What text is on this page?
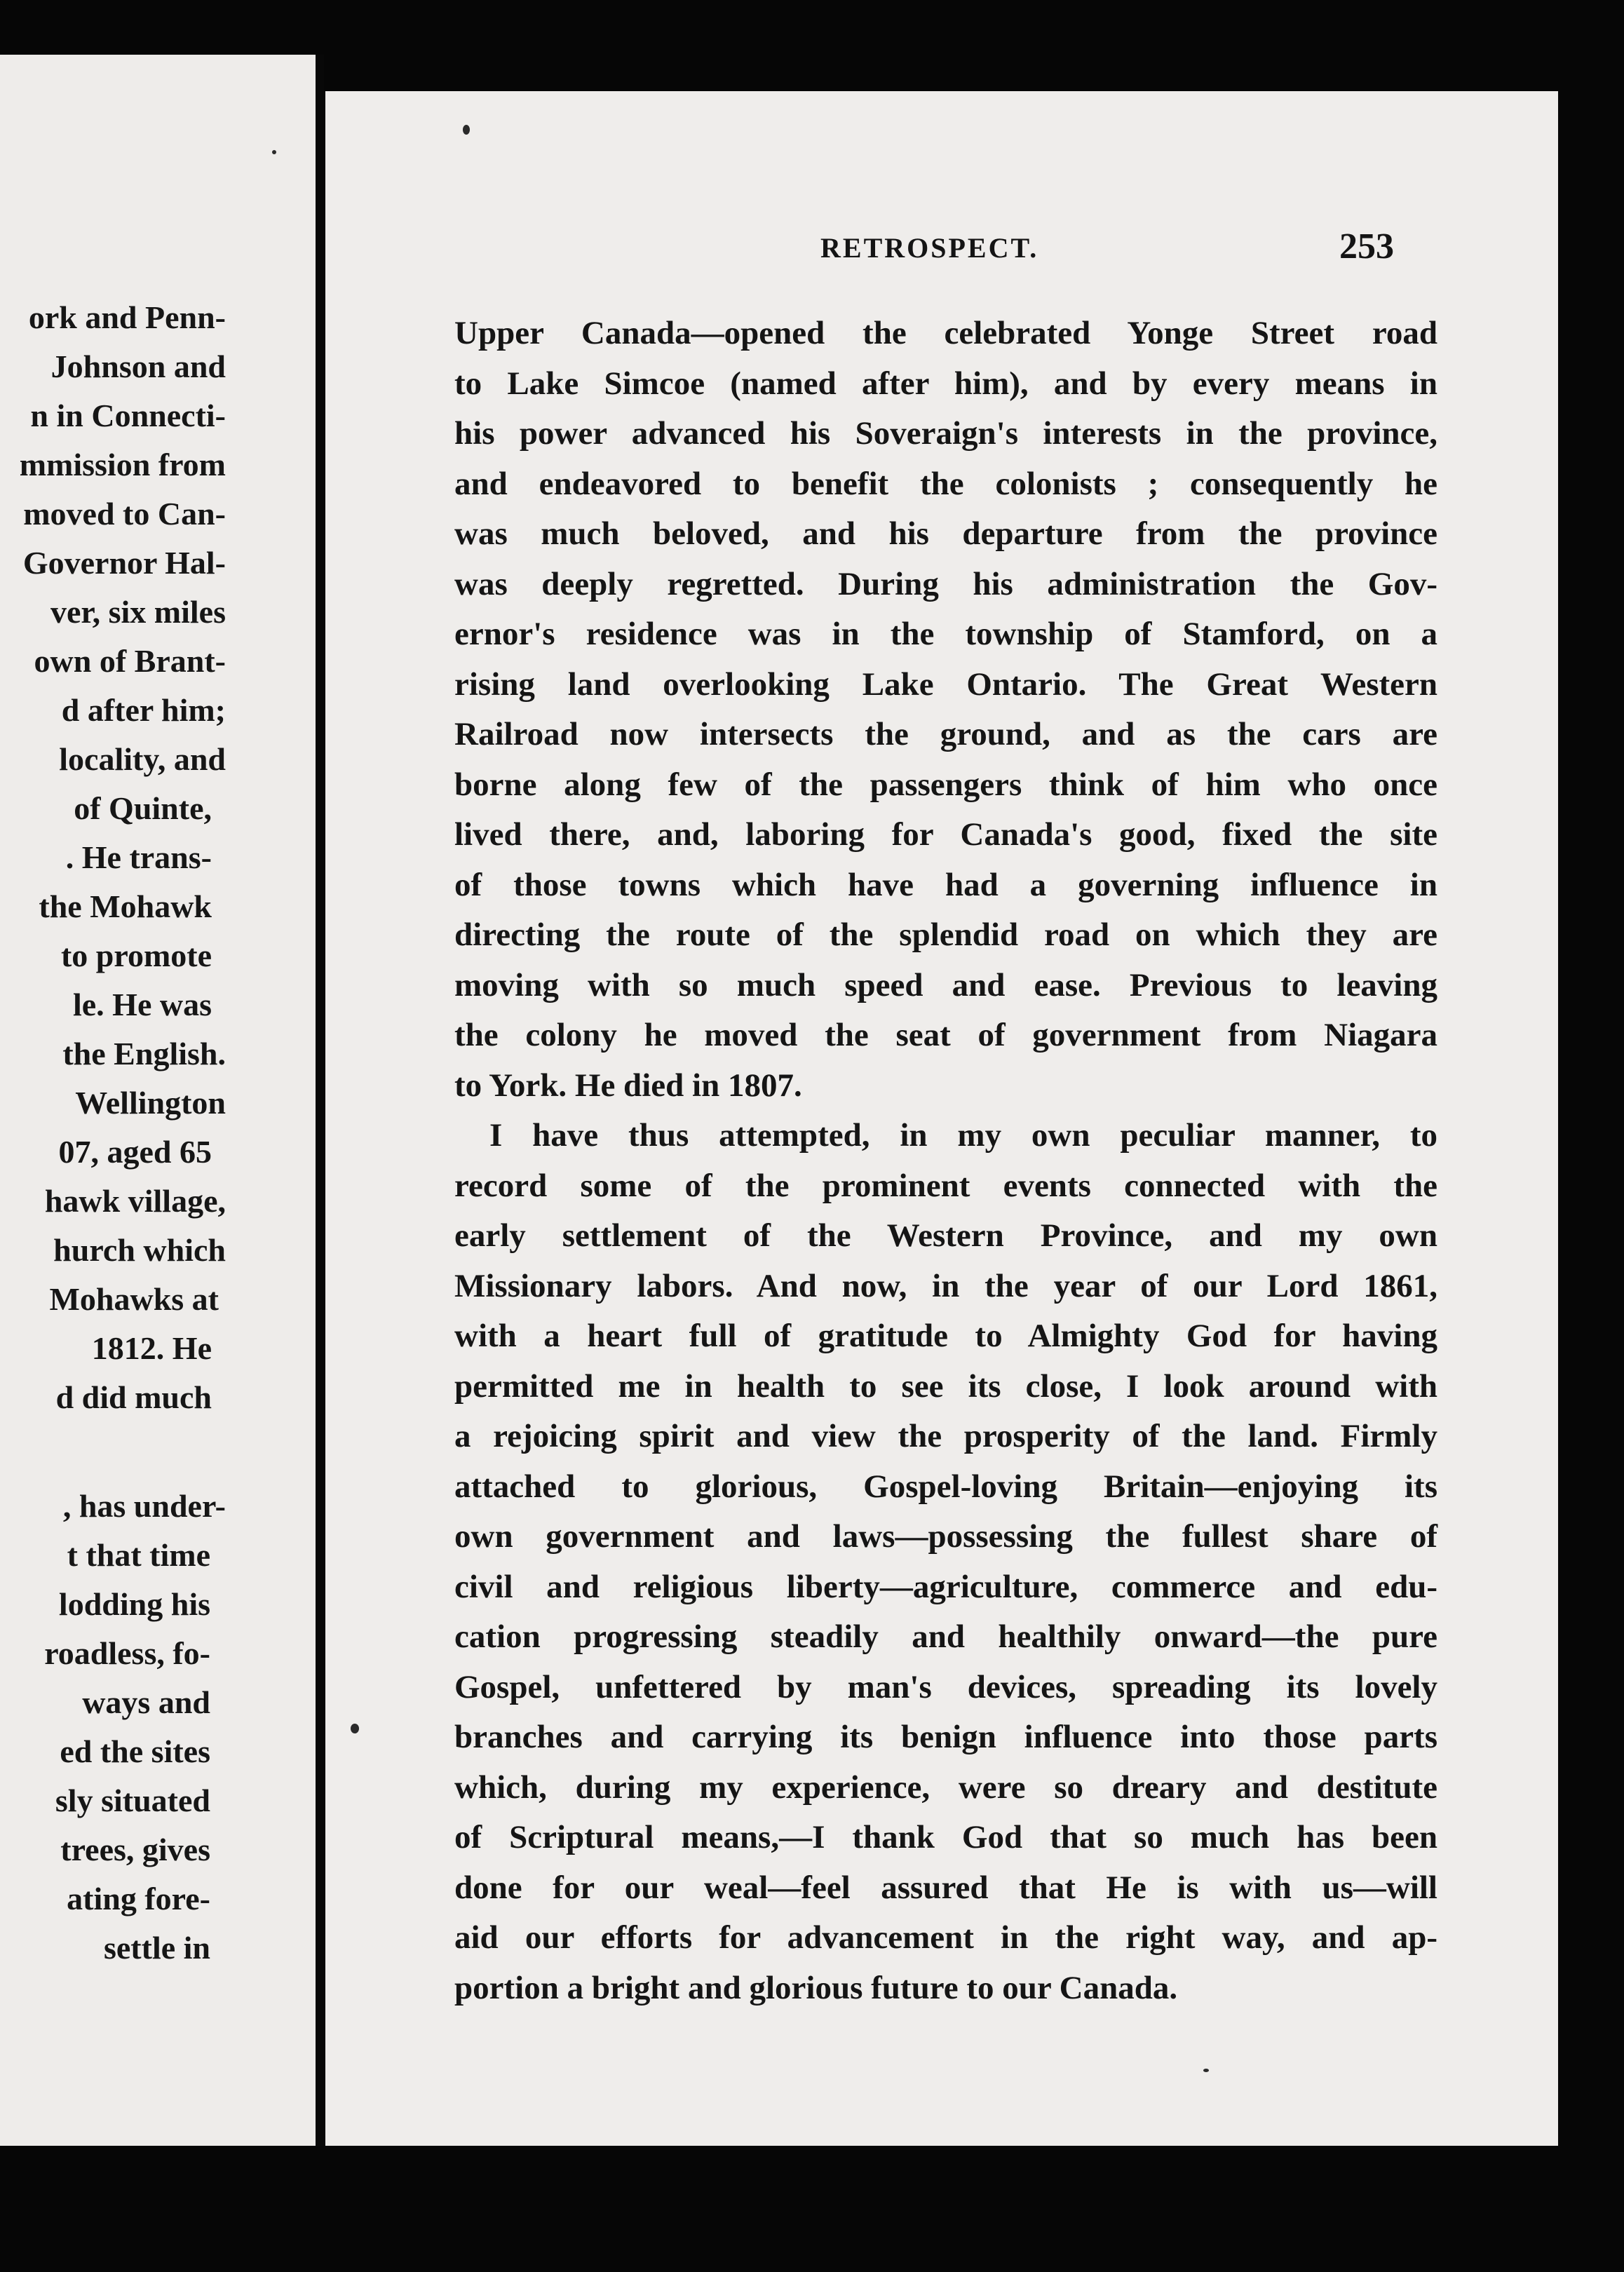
ork and Penn-
Johnson and
n in Connecti-
mmission from
moved to Can-
Governor Hal-
ver, six miles
own of Brant-
d after him;
locality, and
of Quinte,
. He trans-
the Mohawk
to promote
le. He was
the English.
Wellington
07, aged 65
hawk village,
hurch which
Mohawks at
1812. He
d did much
, has under-
t that time
lodding his
roadless, fo-
ways and
ed the sites
sly situated
trees, gives
ating fore-
settle in
RETROSPECT.	253
Upper Canada—opened the celebrated Yonge Street road
to Lake Simcoe (named after him), and by every means in
his power advanced his Soveraign's interests in the province,
and endeavored to benefit the colonists ; consequently he
was much beloved, and his departure from the province
was deeply regretted. During his administration the Gov-
ernor's residence was in the township of Stamford, on a
rising land overlooking Lake Ontario. The Great Western
Railroad now intersects the ground, and as the cars are
borne along few of the passengers think of him who once
lived there, and, laboring for Canada's good, fixed the site
of those towns which have had a governing influence in
directing the route of the splendid road on which they are
moving with so much speed and ease. Previous to leaving
the colony he moved the seat of government from Niagara
to York. He died in 1807.
I have thus attempted, in my own peculiar manner, to
record some of the prominent events connected with the
early settlement of the Western Province, and my own
Missionary labors. And now, in the year of our Lord 1861,
with a heart full of gratitude to Almighty God for having
permitted me in health to see its close, I look around with
a rejoicing spirit and view the prosperity of the land. Firmly
attached to glorious, Gospel-loving Britain—enjoying its
own government and laws—possessing the fullest share of
civil and religious liberty—agriculture, commerce and edu-
cation progressing steadily and healthily onward—the pure
Gospel, unfettered by man's devices, spreading its lovely
branches and carrying its benign influence into those parts
which, during my experience, were so dreary and destitute
of Scriptural means,—I thank God that so much has been
done for our weal—feel assured that He is with us—will
aid our efforts for advancement in the right way, and ap-
portion a bright and glorious future to our Canada.
